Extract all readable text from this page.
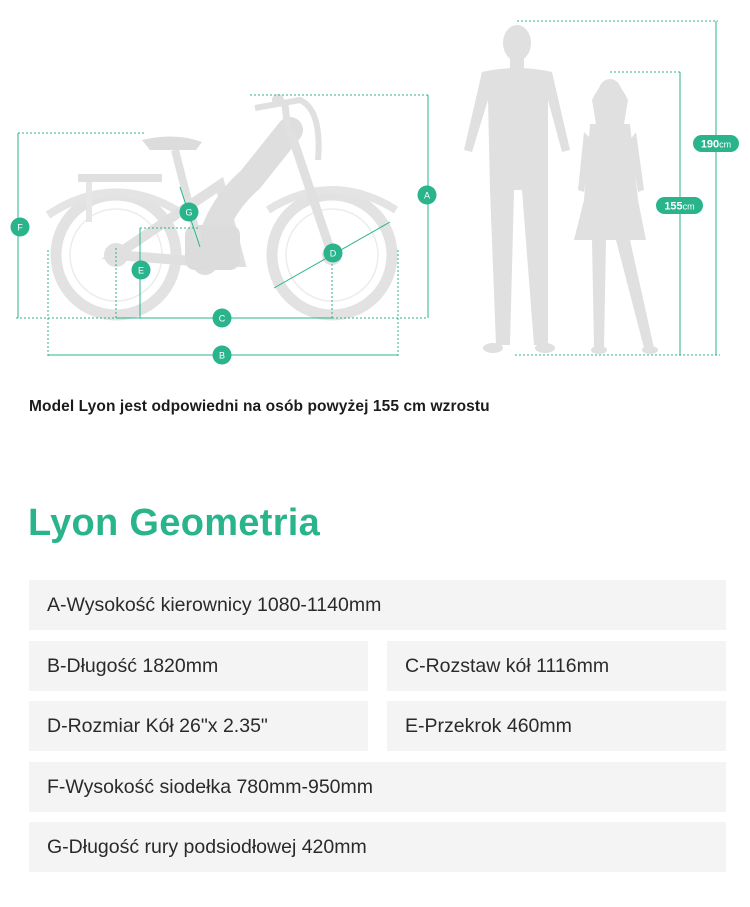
A
B
C
D
E
F
G
190cm
155cm
Model Lyon jest odpowiedni na osób powyżej 155 cm wzrostu
Lyon Geometria
A-Wysokość kierownicy 1080-1140mm
B-Długość 1820mm	C-Rozstaw kół 1116mm
D-Rozmiar Kół 26"x 2.35"	E-Przekrok 460mm
F-Wysokość siodełka 780mm-950mm
G-Długość rury podsiodłowej 420mm
